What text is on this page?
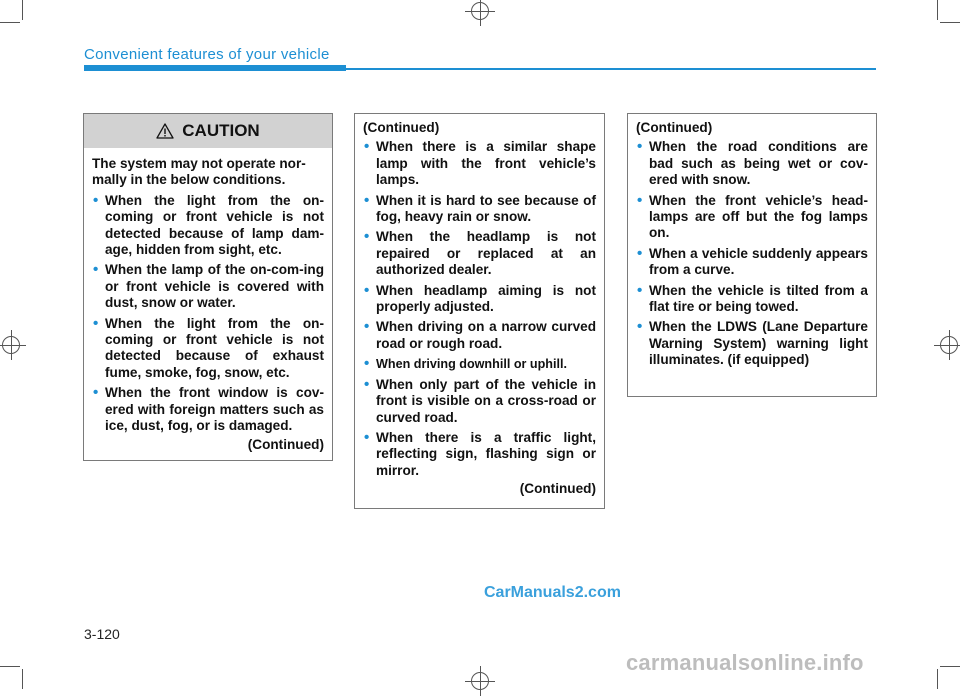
Convenient features of your vehicle
CAUTION

The system may not operate nor-mally in the below conditions.

• When the light from the on-coming or front vehicle is not detected because of lamp dam-age, hidden from sight, etc.
• When the lamp of the on-com-ing or front vehicle is covered with dust, snow or water.
• When the light from the on-coming or front vehicle is not detected because of exhaust fume, smoke, fog, snow, etc.
• When the front window is cov-ered with foreign matters such as ice, dust, fog, or is damaged.
(Continued)
(Continued)
• When there is a similar shape lamp with the front vehicle’s lamps.
• When it is hard to see because of fog, heavy rain or snow.
• When the headlamp is not repaired or replaced at an authorized dealer.
• When headlamp aiming is not properly adjusted.
• When driving on a narrow curved road or rough road.
• When driving downhill or uphill.
• When only part of the vehicle in front is visible on a cross-road or curved road.
• When there is a traffic light, reflecting sign, flashing sign or mirror.
(Continued)
(Continued)
• When the road conditions are bad such as being wet or cov-ered with snow.
• When the front vehicle’s head-lamps are off but the fog lamps on.
• When a vehicle suddenly appears from a curve.
• When the vehicle is tilted from a flat tire or being towed.
• When the LDWS (Lane Departure Warning System) warning light illuminates. (if equipped)
CarManuals2.com
3-120
carmanualsonline.info
